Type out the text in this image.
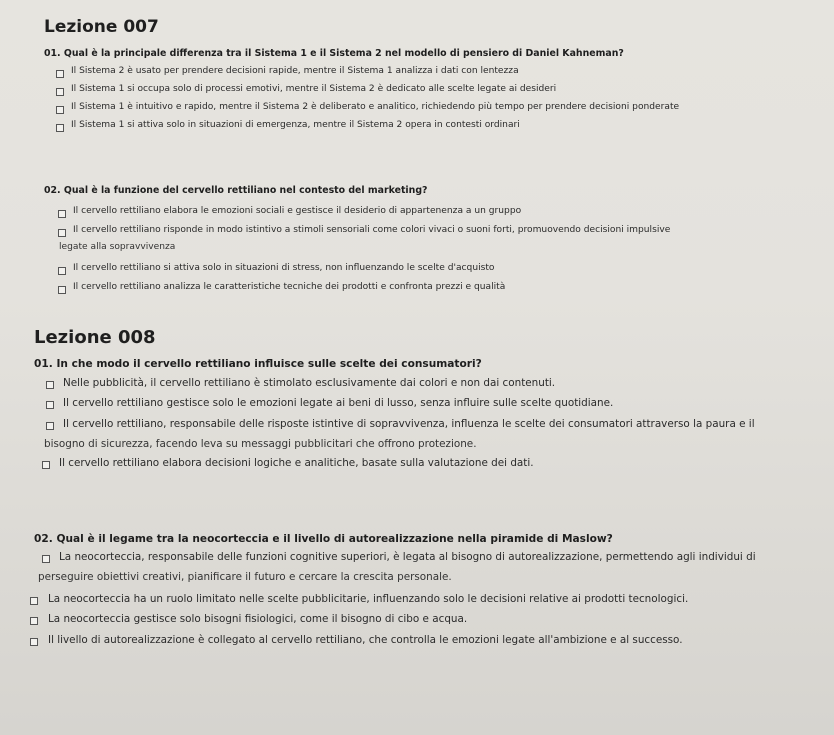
Lezione 007
01. Qual è la principale differenza tra il Sistema 1 e il Sistema 2 nel modello di pensiero di Daniel Kahneman?
Il Sistema 2 è usato per prendere decisioni rapide, mentre il Sistema 1 analizza i dati con lentezza
Il Sistema 1 si occupa solo di processi emotivi, mentre il Sistema 2 è dedicato alle scelte legate ai desideri
Il Sistema 1 è intuitivo e rapido, mentre il Sistema 2 è deliberato e analitico, richiedendo più tempo per prendere decisioni ponderate
Il Sistema 1 si attiva solo in situazioni di emergenza, mentre il Sistema 2 opera in contesti ordinari
02. Qual è la funzione del cervello rettiliano nel contesto del marketing?
Il cervello rettiliano elabora le emozioni sociali e gestisce il desiderio di appartenenza a un gruppo
Il cervello rettiliano risponde in modo istintivo a stimoli sensoriali come colori vivaci o suoni forti, promuovendo decisioni impulsive
legate alla sopravvivenza
Il cervello rettiliano si attiva solo in situazioni di stress, non influenzando le scelte d'acquisto
Il cervello rettiliano analizza le caratteristiche tecniche dei prodotti e confronta prezzi e qualità
Lezione 008
01. In che modo il cervello rettiliano influisce sulle scelte dei consumatori?
Nelle pubblicità, il cervello rettiliano è stimolato esclusivamente dai colori e non dai contenuti.
Il cervello rettiliano gestisce solo le emozioni legate ai beni di lusso, senza influire sulle scelte quotidiane.
Il cervello rettiliano, responsabile delle risposte istintive di sopravvivenza, influenza le scelte dei consumatori attraverso la paura e il
bisogno di sicurezza, facendo leva su messaggi pubblicitari che offrono protezione.
Il cervello rettiliano elabora decisioni logiche e analitiche, basate sulla valutazione dei dati.
02. Qual è il legame tra la neocorteccia e il livello di autorealizzazione nella piramide di Maslow?
La neocorteccia, responsabile delle funzioni cognitive superiori, è legata al bisogno di autorealizzazione, permettendo agli individui di
perseguire obiettivi creativi, pianificare il futuro e cercare la crescita personale.
La neocorteccia ha un ruolo limitato nelle scelte pubblicitarie, influenzando solo le decisioni relative ai prodotti tecnologici.
La neocorteccia gestisce solo bisogni fisiologici, come il bisogno di cibo e acqua.
Il livello di autorealizzazione è collegato al cervello rettiliano, che controlla le emozioni legate all'ambizione e al successo.
